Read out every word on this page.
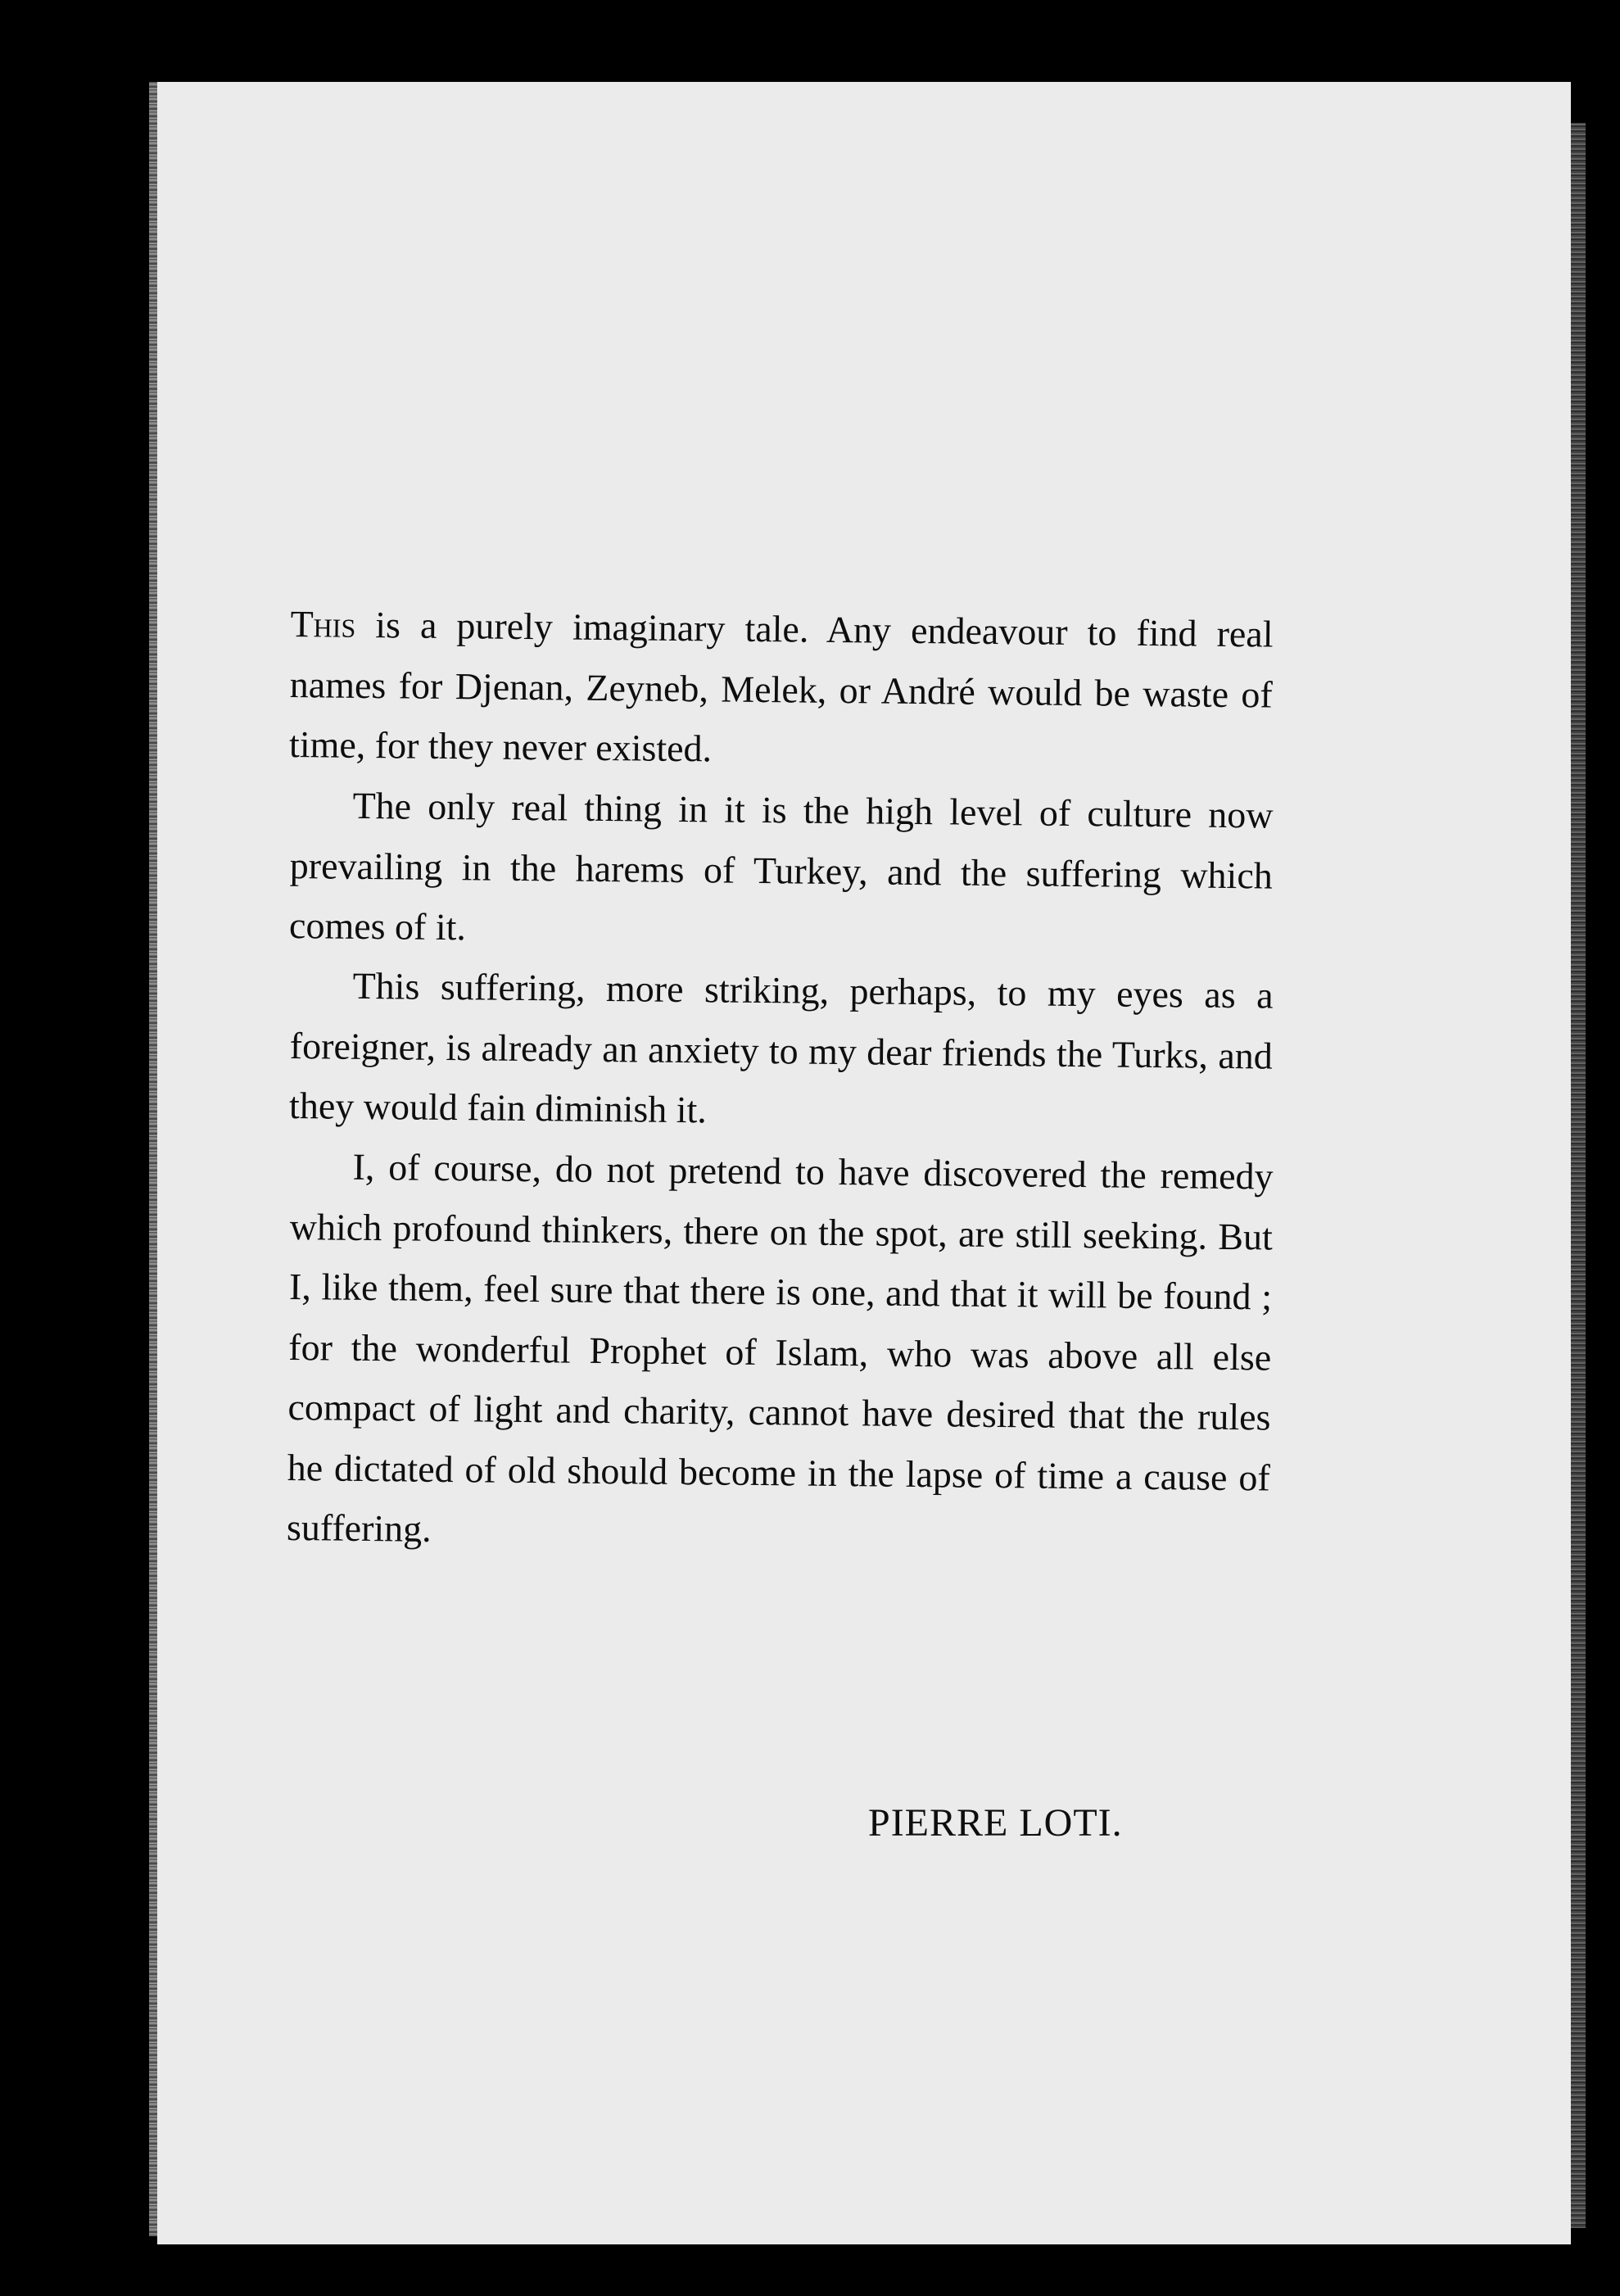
This is a purely imaginary tale. Any endeavour to find real names for Djenan, Zeyneb, Melek, or André would be waste of time, for they never existed.

The only real thing in it is the high level of culture now prevailing in the harems of Turkey, and the suffering which comes of it.

This suffering, more striking, perhaps, to my eyes as a foreigner, is already an anxiety to my dear friends the Turks, and they would fain diminish it.

I, of course, do not pretend to have discovered the remedy which profound thinkers, there on the spot, are still seeking. But I, like them, feel sure that there is one, and that it will be found ; for the wonderful Prophet of Islam, who was above all else compact of light and charity, cannot have desired that the rules he dictated of old should become in the lapse of time a cause of suffering.

PIERRE LOTI.
